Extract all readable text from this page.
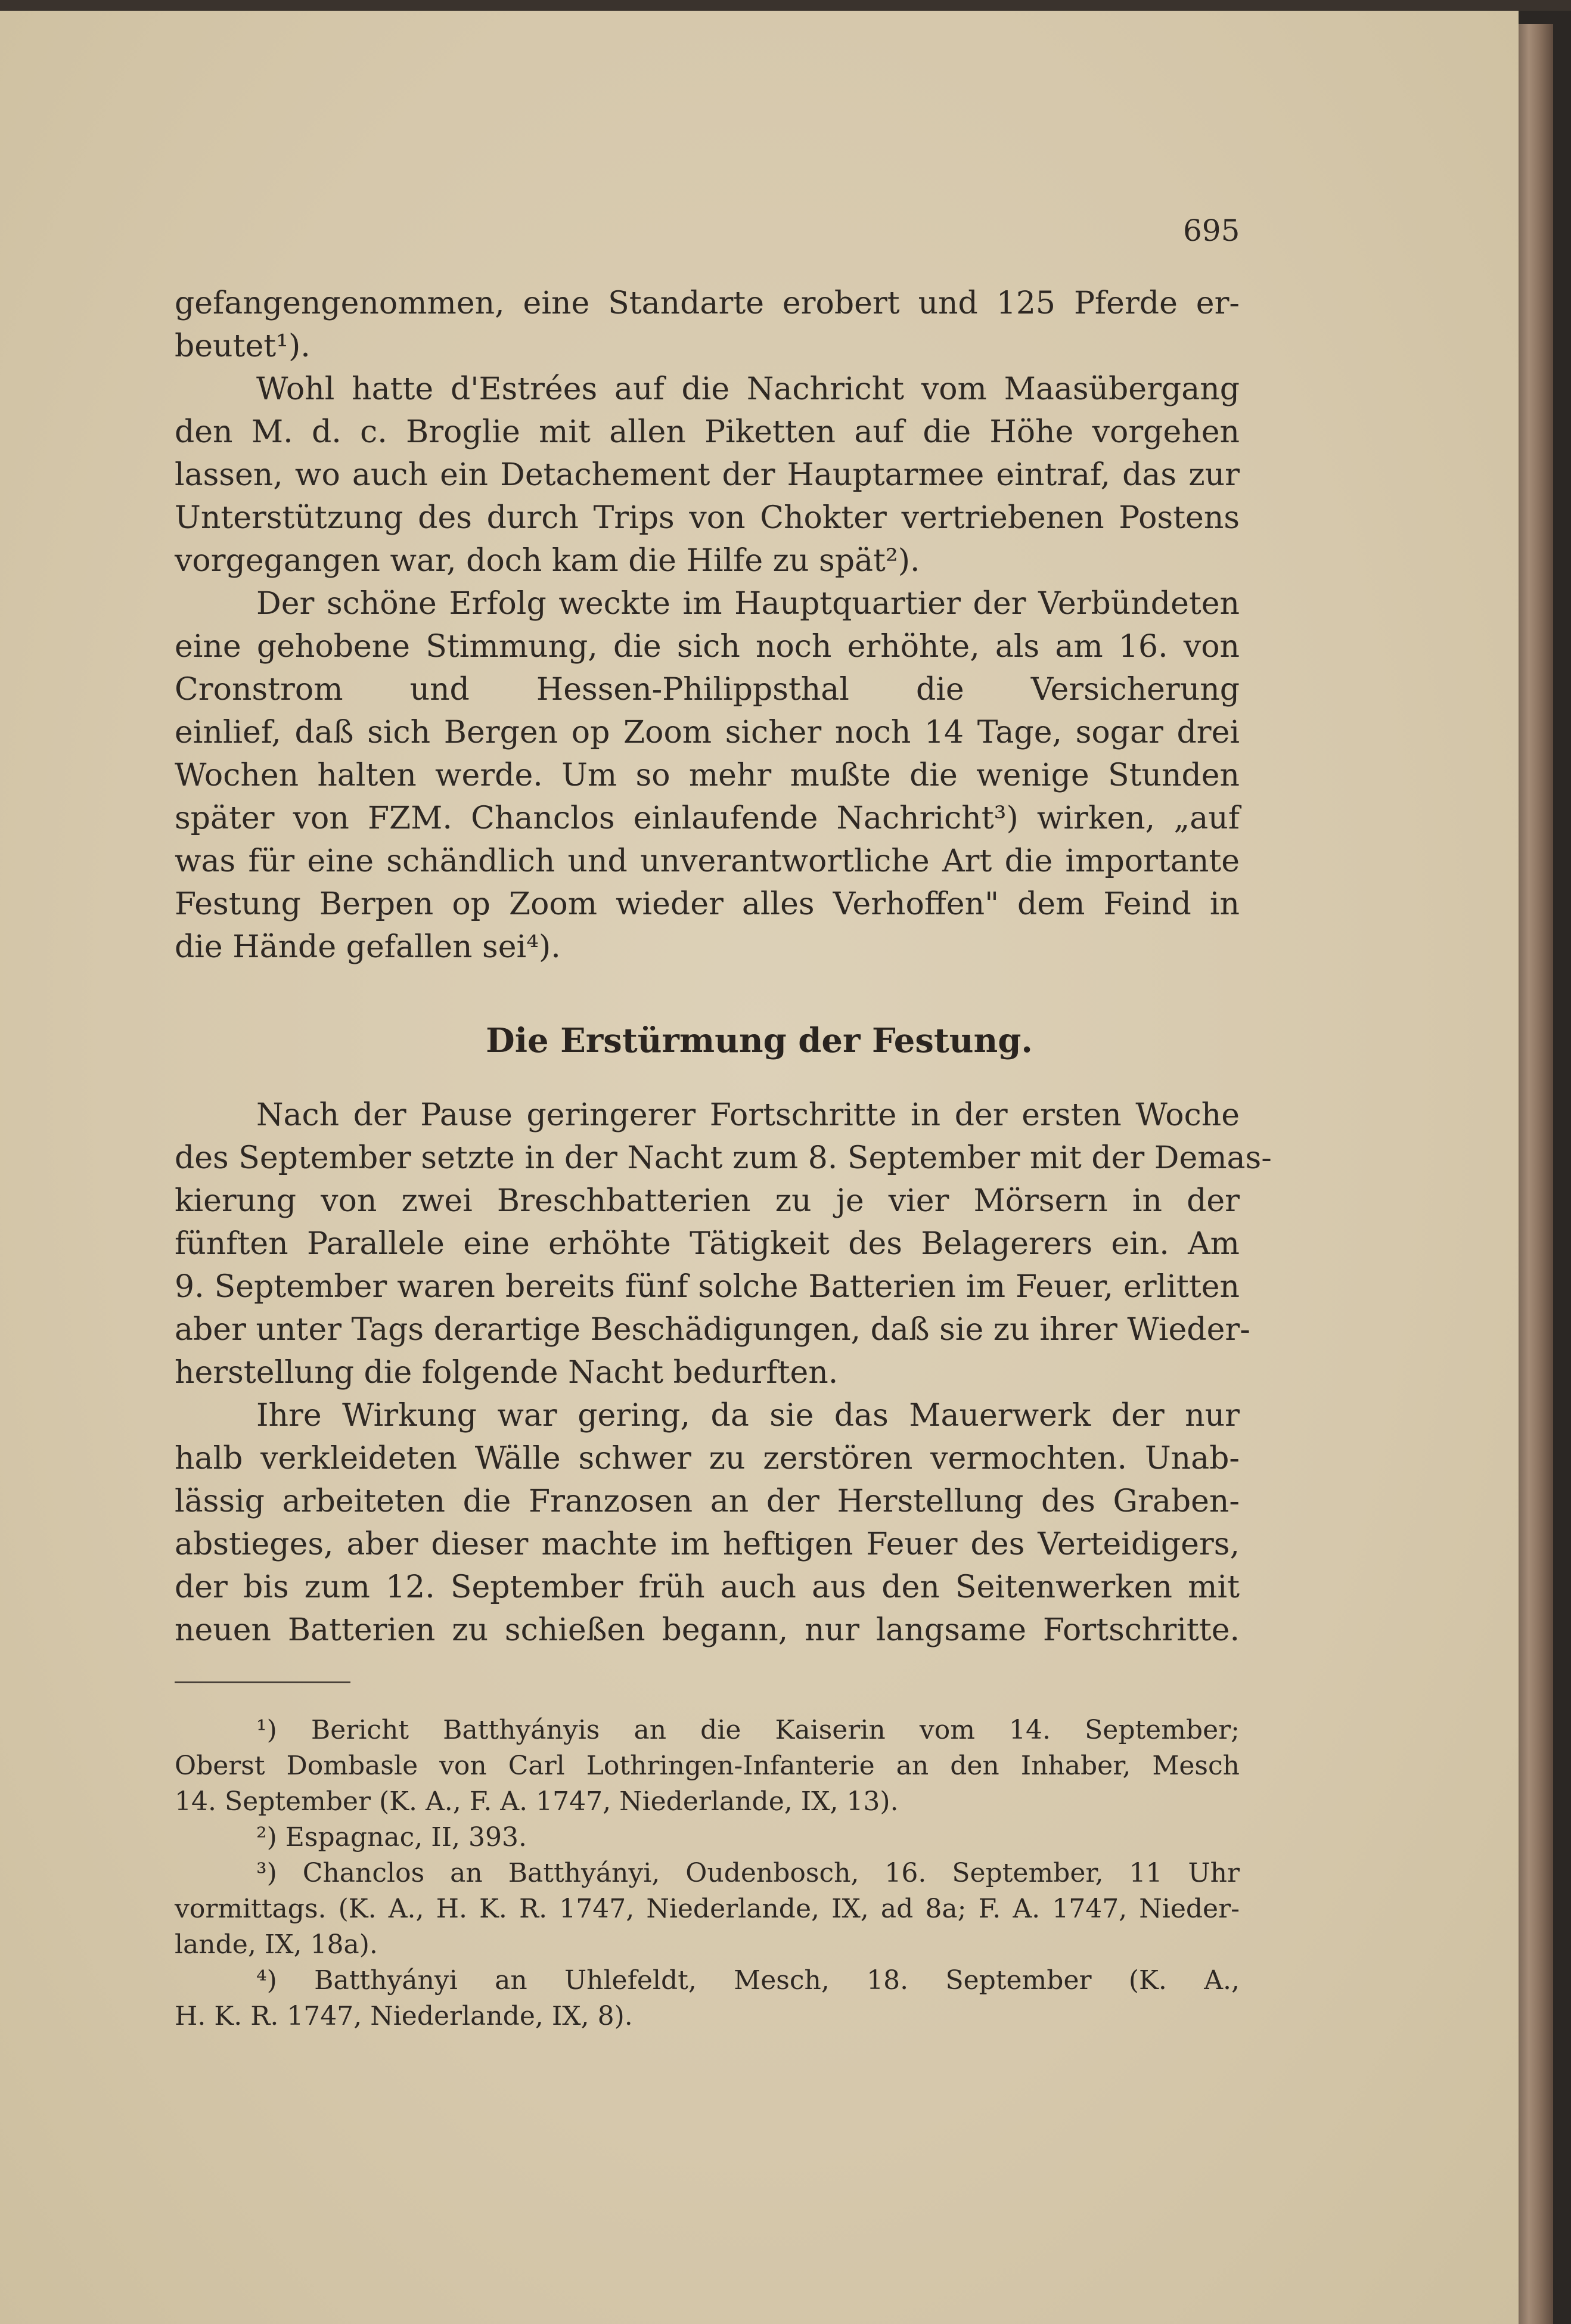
695
gefangengenommen, eine Standarte erobert und 125 Pferde er-
beutet¹).
Wohl hatte d'Estrées auf die Nachricht vom Maasübergang
den M. d. c. Broglie mit allen Piketten auf die Höhe vorgehen
lassen, wo auch ein Detachement der Hauptarmee eintraf, das zur
Unterstützung des durch Trips von Chokter vertriebenen Postens
vorgegangen war, doch kam die Hilfe zu spät²).
Der schöne Erfolg weckte im Hauptquartier der Verbündeten
eine gehobene Stimmung, die sich noch erhöhte, als am 16. von
Cronstrom und Hessen-Philippsthal die Versicherung
einlief, daß sich Bergen op Zoom sicher noch 14 Tage, sogar drei
Wochen halten werde. Um so mehr mußte die wenige Stunden
später von FZM. Chanclos einlaufende Nachricht³) wirken, „auf
was für eine schändlich und unverantwortliche Art die importante
Festung Berpen op Zoom wieder alles Verhoffen" dem Feind in
die Hände gefallen sei⁴).
Die Erstürmung der Festung.
Nach der Pause geringerer Fortschritte in der ersten Woche
des September setzte in der Nacht zum 8. September mit der Demas-
kierung von zwei Breschbatterien zu je vier Mörsern in der
fünften Parallele eine erhöhte Tätigkeit des Belagerers ein. Am
9. September waren bereits fünf solche Batterien im Feuer, erlitten
aber unter Tags derartige Beschädigungen, daß sie zu ihrer Wieder-
herstellung die folgende Nacht bedurften.
Ihre Wirkung war gering, da sie das Mauerwerk der nur
halb verkleideten Wälle schwer zu zerstören vermochten. Unab-
lässig arbeiteten die Franzosen an der Herstellung des Graben-
abstieges, aber dieser machte im heftigen Feuer des Verteidigers,
der bis zum 12. September früh auch aus den Seitenwerken mit
neuen Batterien zu schießen begann, nur langsame Fortschritte.
¹) Bericht Batthyányis an die Kaiserin vom 14. September;
Oberst Dombasle von Carl Lothringen-Infanterie an den Inhaber, Mesch
14. September (K. A., F. A. 1747, Niederlande, IX, 13).
²) Espagnac, II, 393.
³) Chanclos an Batthyányi, Oudenbosch, 16. September, 11 Uhr
vormittags. (K. A., H. K. R. 1747, Niederlande, IX, ad 8a; F. A. 1747, Nieder-
lande, IX, 18a).
⁴) Batthyányi an Uhlefeldt, Mesch, 18. September (K. A.,
H. K. R. 1747, Niederlande, IX, 8).
